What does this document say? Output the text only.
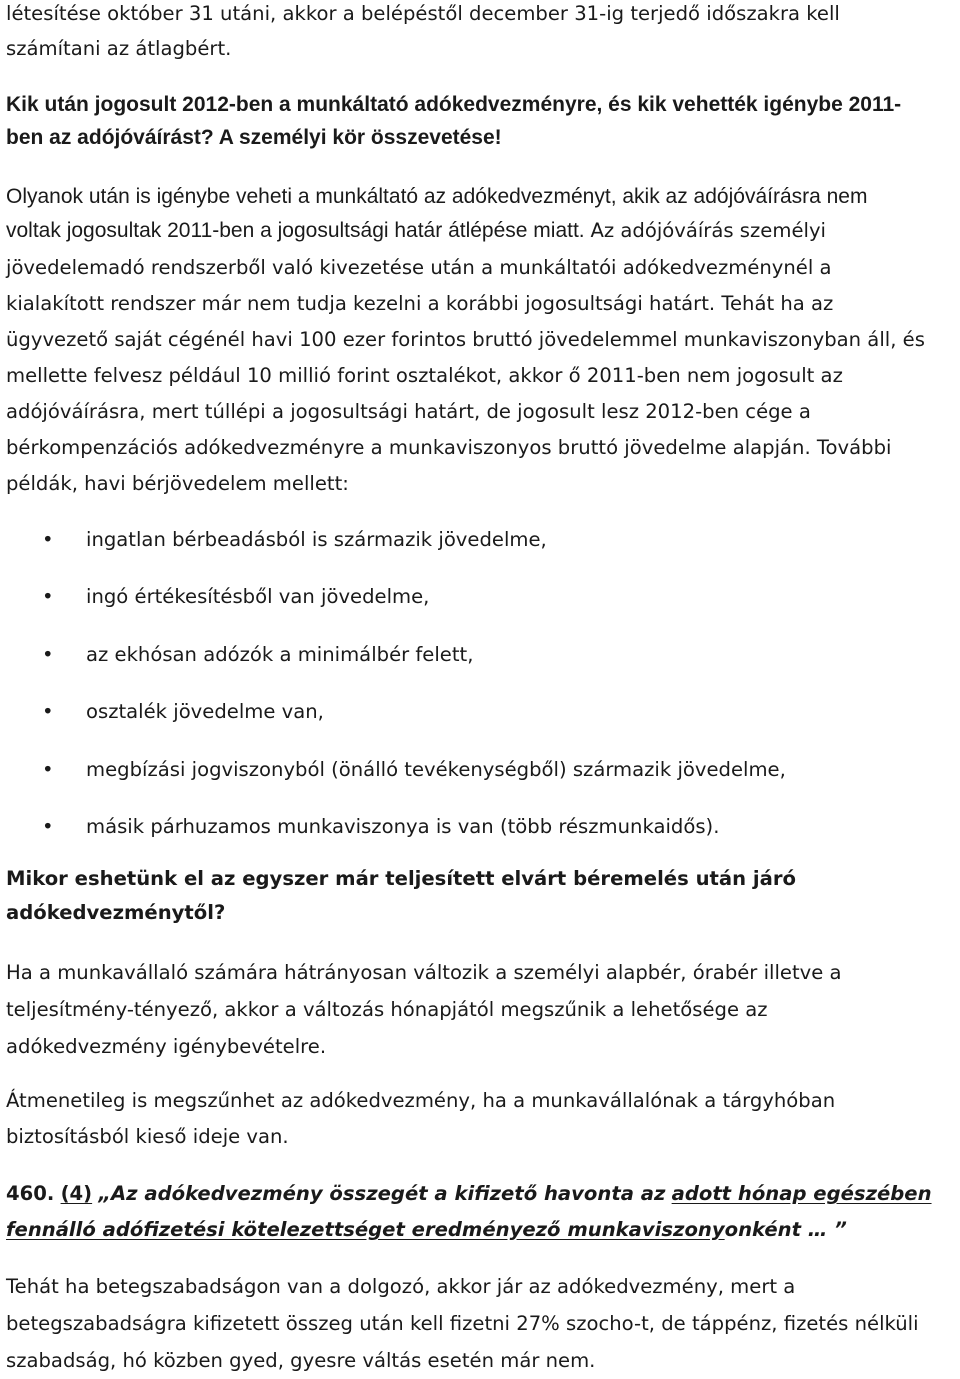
létesítése október 31 utáni, akkor a belépéstől december 31-ig terjedő időszakra kell

számítani az átlagbért.

Kik után jogosult 2012-ben a munkáltató adókedvezményre, és kik vehették igénybe 2011-

ben az adójóváírást? A személyi kör összevetése!

Olyanok után is igénybe veheti a munkáltató az adókedvezményt, akik az adójóváírásra nem

voltak jogosultak 2011-ben a jogosultsági határ átlépése miatt. Az adójóváírás személyi

jövedelemadó rendszerből való kivezetése után a munkáltatói adókedvezménynél a

kialakított rendszer már nem tudja kezelni a korábbi jogosultsági határt. Tehát ha az

ügyvezető saját cégénél havi 100 ezer forintos bruttó jövedelemmel munkaviszonyban áll, és

mellette felvesz például 10 millió forint osztalékot, akkor ő 2011-ben nem jogosult az

adójóváírásra, mert túllépi a jogosultsági határt, de jogosult lesz 2012-ben cége a

bérkompenzációs adókedvezményre a munkaviszonyos bruttó jövedelme alapján. További

példák, havi bérjövedelem mellett:

• ingatlan bérbeadásból is származik jövedelme,
• ingó értékesítésből van jövedelme,
• az ekhósan adózók a minimálbér felett,
• osztalék jövedelme van,
• megbízási jogviszonyból (önálló tevékenységből) származik jövedelme,
• másik párhuzamos munkaviszonya is van (több részmunkaidős).

Mikor eshetünk el az egyszer már teljesített elvárt béremelés után járó

adókedvezménytől?

Ha a munkavállaló számára hátrányosan változik a személyi alapbér, órabér illetve a

teljesítmény-tényező, akkor a változás hónapjától megszűnik a lehetősége az

adókedvezmény igénybevételre.

Átmenetileg is megszűnhet az adókedvezmény, ha a munkavállalónak a tárgyhóban

biztosításból kieső ideje van.

460. (4) „Az adókedvezmény összegét a kifizető havonta az adott hónap egészében

fennálló adófizetési kötelezettséget eredményező munkaviszonyonként … ”

Tehát ha betegszabadságon van a dolgozó, akkor jár az adókedvezmény, mert a

betegszabadságra kifizetett összeg után kell fizetni 27% szocho-t, de táppénz, fizetés nélküli

szabadság, hó közben gyed, gyesre váltás esetén már nem.
